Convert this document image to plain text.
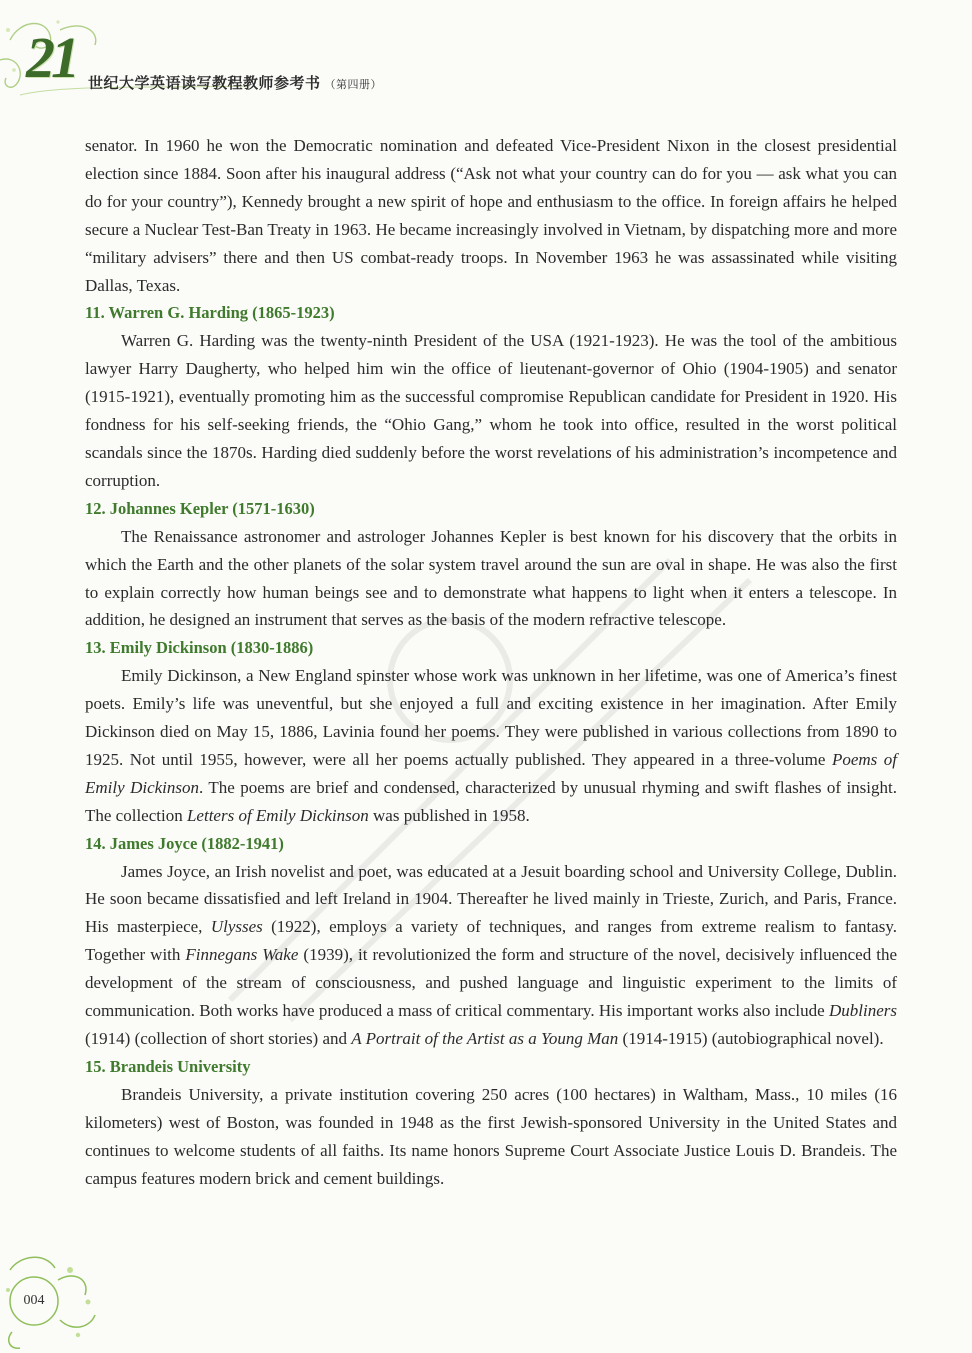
21 世纪大学英语读写教程教师参考书 （第四册）

senator. In 1960 he won the Democratic nomination and defeated Vice-President Nixon in the closest presidential election since 1884. Soon after his inaugural address (“Ask not what your country can do for you — ask what you can do for your country”), Kennedy brought a new spirit of hope and enthusiasm to the office. In foreign affairs he helped secure a Nuclear Test-Ban Treaty in 1963. He became increasingly involved in Vietnam, by dispatching more and more “military advisers” there and then US combat-ready troops. In November 1963 he was assassinated while visiting Dallas, Texas.

11. Warren G. Harding (1865-1923)

Warren G. Harding was the twenty-ninth President of the USA (1921-1923). He was the tool of the ambitious lawyer Harry Daugherty, who helped him win the office of lieutenant-governor of Ohio (1904-1905) and senator (1915-1921), eventually promoting him as the successful compromise Republican candidate for President in 1920. His fondness for his self-seeking friends, the “Ohio Gang,” whom he took into office, resulted in the worst political scandals since the 1870s. Harding died suddenly before the worst revelations of his administration’s incompetence and corruption.

12. Johannes Kepler (1571-1630)

The Renaissance astronomer and astrologer Johannes Kepler is best known for his discovery that the orbits in which the Earth and the other planets of the solar system travel around the sun are oval in shape. He was also the first to explain correctly how human beings see and to demonstrate what happens to light when it enters a telescope. In addition, he designed an instrument that serves as the basis of the modern refractive telescope.

13. Emily Dickinson (1830-1886)

Emily Dickinson, a New England spinster whose work was unknown in her lifetime, was one of America’s finest poets. Emily’s life was uneventful, but she enjoyed a full and exciting existence in her imagination. After Emily Dickinson died on May 15, 1886, Lavinia found her poems. They were published in various collections from 1890 to 1925. Not until 1955, however, were all her poems actually published. They appeared in a three-volume Poems of Emily Dickinson. The poems are brief and condensed, characterized by unusual rhyming and swift flashes of insight. The collection Letters of Emily Dickinson was published in 1958.

14. James Joyce (1882-1941)

James Joyce, an Irish novelist and poet, was educated at a Jesuit boarding school and University College, Dublin. He soon became dissatisfied and left Ireland in 1904. Thereafter he lived mainly in Trieste, Zurich, and Paris, France. His masterpiece, Ulysses (1922), employs a variety of techniques, and ranges from extreme realism to fantasy. Together with Finnegans Wake (1939), it revolutionized the form and structure of the novel, decisively influenced the development of the stream of consciousness, and pushed language and linguistic experiment to the limits of communication. Both works have produced a mass of critical commentary. His important works also include Dubliners (1914) (collection of short stories) and A Portrait of the Artist as a Young Man (1914-1915) (autobiographical novel).

15. Brandeis University

Brandeis University, a private institution covering 250 acres (100 hectares) in Waltham, Mass., 10 miles (16 kilometers) west of Boston, was founded in 1948 as the first Jewish-sponsored University in the United States and continues to welcome students of all faiths. Its name honors Supreme Court Associate Justice Louis D. Brandeis. The campus features modern brick and cement buildings.

004
